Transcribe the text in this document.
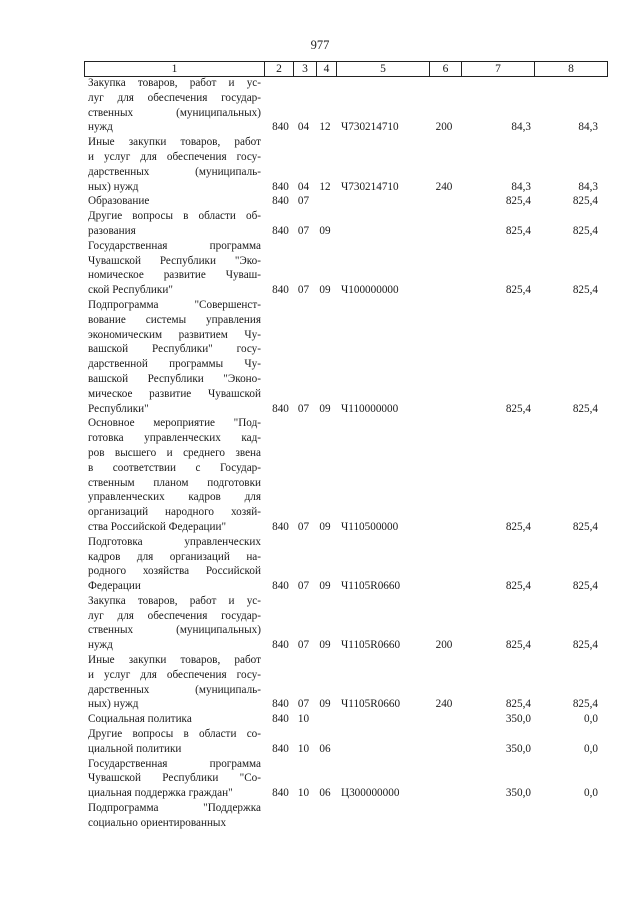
977
1	2	3	4	5	6	7	8
Закупка товаров, работ и ус-
луг для обеспечения государ-
ственных (муниципальных)
нужд	840 04 12 Ч730214710	200	84,3	84,3
Иные закупки товаров, работ
и услуг для обеспечения госу-
дарственных (муниципаль-
ных) нужд	840 04 12 Ч730214710	240	84,3	84,3
Образование	840 07	825,4	825,4
Другие вопросы в области об-
разования	840 07 09	825,4	825,4
Государственная программа
Чувашской Республики "Эко-
номическое развитие Чуваш-
ской Республики"	840 07 09 Ч100000000	825,4	825,4
Подпрограмма "Совершенст-
вование системы управления
экономическим развитием Чу-
вашской Республики" госу-
дарственной программы Чу-
вашской Республики "Эконо-
мическое развитие Чувашской
Республики"	840 07 09 Ч110000000	825,4	825,4
Основное мероприятие "Под-
готовка управленческих кад-
ров высшего и среднего звена
в соответствии с Государ-
ственным планом подготовки
управленческих кадров для
организаций народного хозяй-
ства Российской Федерации"	840 07 09 Ч110500000	825,4	825,4
Подготовка управленческих
кадров для организаций на-
родного хозяйства Российской
Федерации	840 07 09 Ч1105R0660	825,4	825,4
Закупка товаров, работ и ус-
луг для обеспечения государ-
ственных (муниципальных)
нужд	840 07 09 Ч1105R0660	200	825,4	825,4
Иные закупки товаров, работ
и услуг для обеспечения госу-
дарственных (муниципаль-
ных) нужд	840 07 09 Ч1105R0660	240	825,4	825,4
Социальная политика	840 10	350,0	0,0
Другие вопросы в области со-
циальной политики	840 10 06	350,0	0,0
Государственная программа
Чувашской Республики "Со-
циальная поддержка граждан"	840 10 06 Ц300000000	350,0	0,0
Подпрограмма "Поддержка
социально ориентированных
